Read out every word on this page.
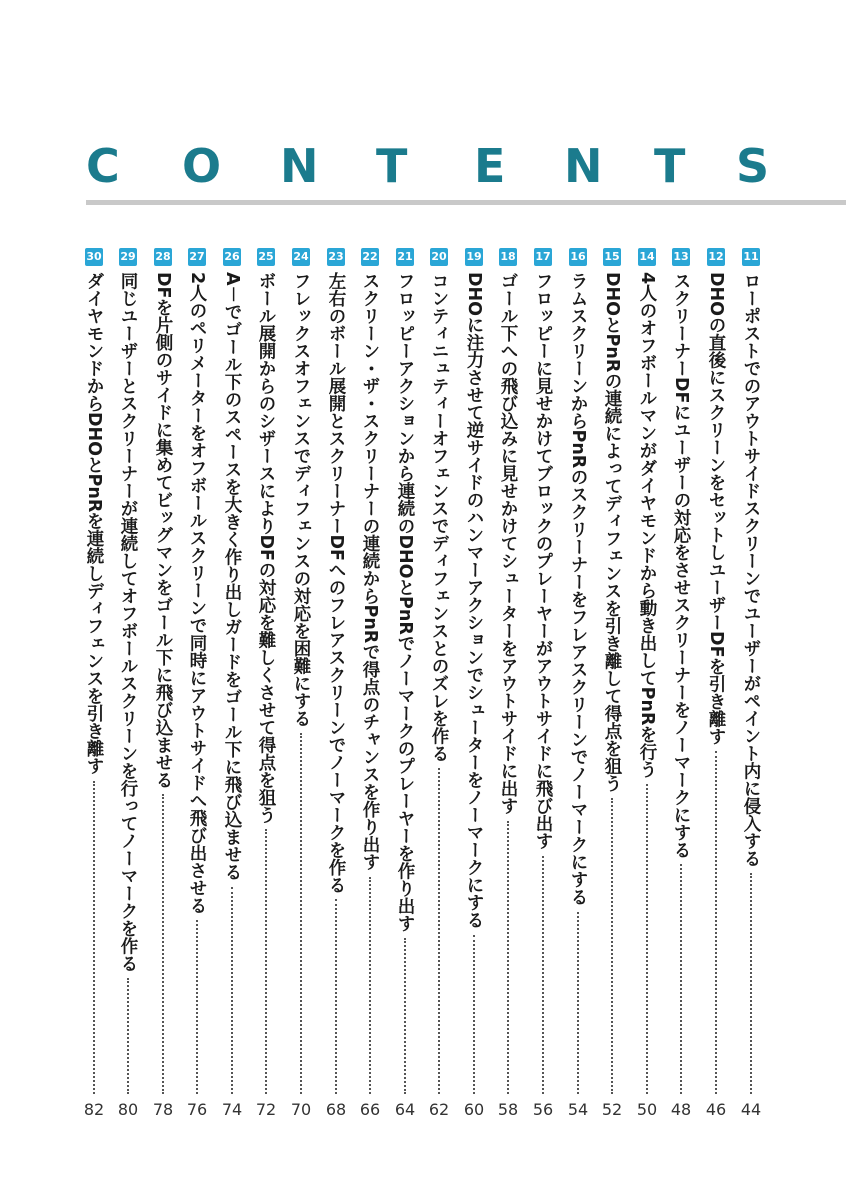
C O N T E N T S
11
ローポストでのアウトサイドスクリーンでユーザーがペイント内に侵入する
44
12
DHOの直後にスクリーンをセットしユーザーDFを引き離す
46
13
スクリーナーDFにユーザーの対応をさせスクリーナーをノーマークにする
48
14
4人のオフボールマンがダイヤモンドから動き出してPnRを行う
50
15
DHOとPnRの連続によってディフェンスを引き離して得点を狙う
52
16
ラムスクリーンからPnRのスクリーナーをフレアスクリーンでノーマークにする
54
17
フロッピーに見せかけてブロックのプレーヤーがアウトサイドに飛び出す
56
18
ゴール下への飛び込みに見せかけてシューターをアウトサイドに出す
58
19
DHOに注力させて逆サイドのハンマーアクションでシューターをノーマークにする
60
20
コンティニュティーオフェンスでディフェンスとのズレを作る
62
21
フロッピーアクションから連続のDHOとPnRでノーマークのプレーヤーを作り出す
64
22
スクリーン・ザ・スクリーナーの連続からPnRで得点のチャンスを作り出す
66
23
左右のボール展開とスクリーナーDFへのフレアスクリーンでノーマークを作る
68
24
フレックスオフェンスでディフェンスの対応を困難にする
70
25
ボール展開からのシザースによりDFの対応を難しくさせて得点を狙う
72
26
A－でゴール下のスペースを大きく作り出しガードをゴール下に飛び込ませる
74
27
2人のペリメーターをオフボールスクリーンで同時にアウトサイドへ飛び出させる
76
28
DFを片側のサイドに集めてビッグマンをゴール下に飛び込ませる
78
29
同じユーザーとスクリーナーが連続してオフボールスクリーンを行ってノーマークを作る
80
30
ダイヤモンドからDHOとPnRを連続しディフェンスを引き離す
82
